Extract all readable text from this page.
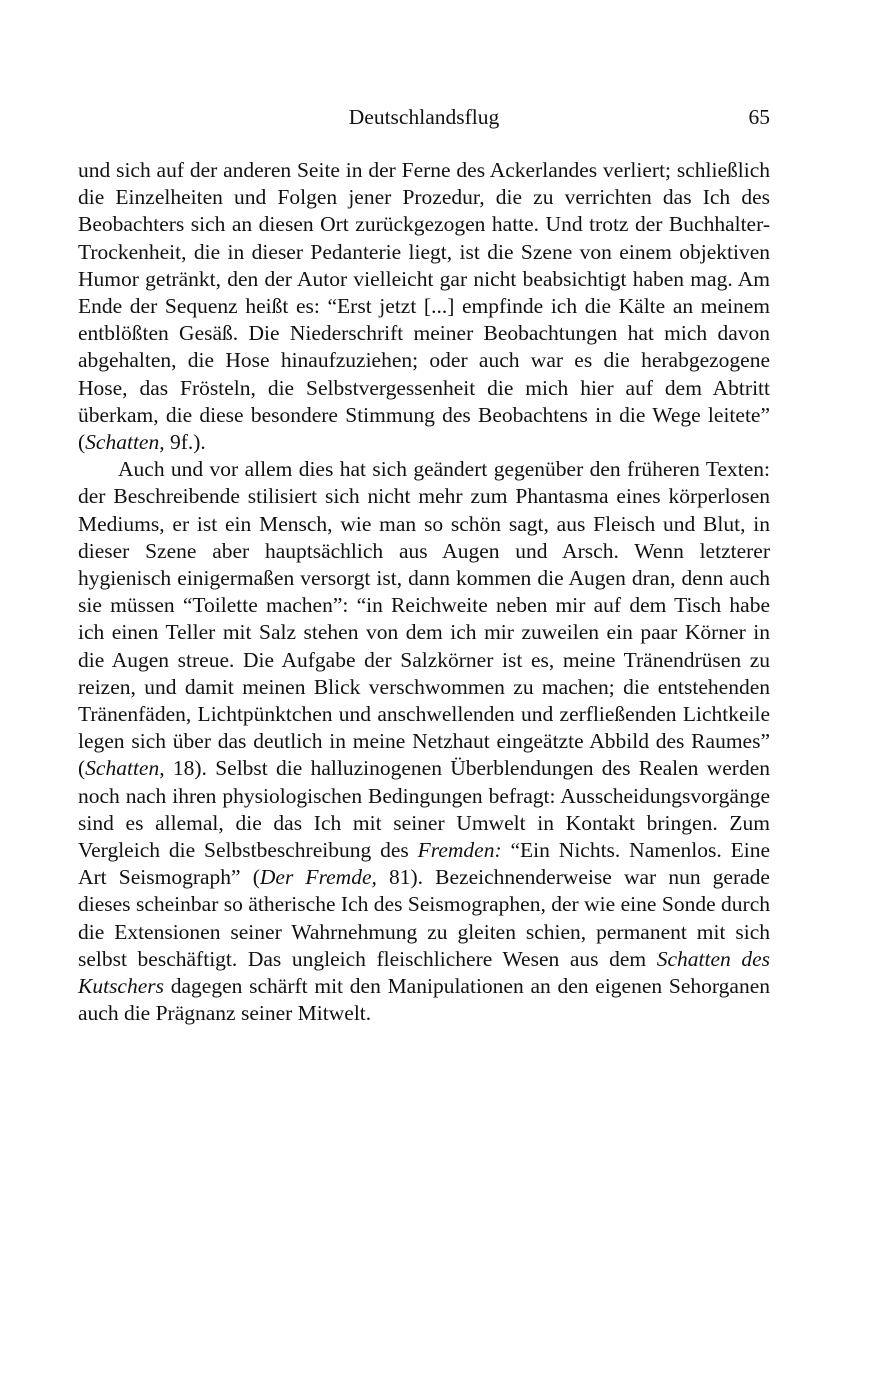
Deutschlandsflug	65

und sich auf der anderen Seite in der Ferne des Ackerlandes verliert; schließlich die Einzelheiten und Folgen jener Prozedur, die zu verrichten das Ich des Beobachters sich an diesen Ort zurückgezogen hatte. Und trotz der Buchhalter-Trockenheit, die in dieser Pedanterie liegt, ist die Szene von einem objektiven Humor getränkt, den der Autor vielleicht gar nicht beabsichtigt haben mag. Am Ende der Sequenz heißt es: “Erst jetzt [...] empfinde ich die Kälte an meinem entblößten Gesäß. Die Niederschrift meiner Beobachtungen hat mich davon abgehalten, die Hose hinaufzuziehen; oder auch war es die herabgezogene Hose, das Frösteln, die Selbstvergessenheit die mich hier auf dem Abtritt überkam, die diese besondere Stimmung des Beobachtens in die Wege leitete” (Schatten, 9f.).

Auch und vor allem dies hat sich geändert gegenüber den früheren Texten: der Beschreibende stilisiert sich nicht mehr zum Phantasma eines körperlosen Mediums, er ist ein Mensch, wie man so schön sagt, aus Fleisch und Blut, in dieser Szene aber hauptsächlich aus Augen und Arsch. Wenn letzterer hygienisch einigermaßen versorgt ist, dann kommen die Augen dran, denn auch sie müssen “Toilette machen”: “in Reichweite neben mir auf dem Tisch habe ich einen Teller mit Salz stehen von dem ich mir zuweilen ein paar Körner in die Augen streue. Die Aufgabe der Salzkörner ist es, meine Tränendrüsen zu reizen, und damit meinen Blick verschwommen zu machen; die entstehenden Tränenfäden, Lichtpünktchen und anschwellenden und zerfließenden Lichtkeile legen sich über das deutlich in meine Netzhaut eingeätzte Abbild des Raumes” (Schatten, 18). Selbst die halluzinogenen Überblendungen des Realen werden noch nach ihren physiologischen Bedingungen befragt: Ausscheidungsvorgänge sind es allemal, die das Ich mit seiner Umwelt in Kontakt bringen. Zum Vergleich die Selbstbeschreibung des Fremden: “Ein Nichts. Namenlos. Eine Art Seismograph” (Der Fremde, 81). Bezeichnenderweise war nun gerade dieses scheinbar so ätherische Ich des Seismographen, der wie eine Sonde durch die Extensionen seiner Wahrnehmung zu gleiten schien, permanent mit sich selbst beschäftigt. Das ungleich fleischlichere Wesen aus dem Schatten des Kutschers dagegen schärft mit den Manipulationen an den eigenen Sehorganen auch die Prägnanz seiner Mitwelt.
